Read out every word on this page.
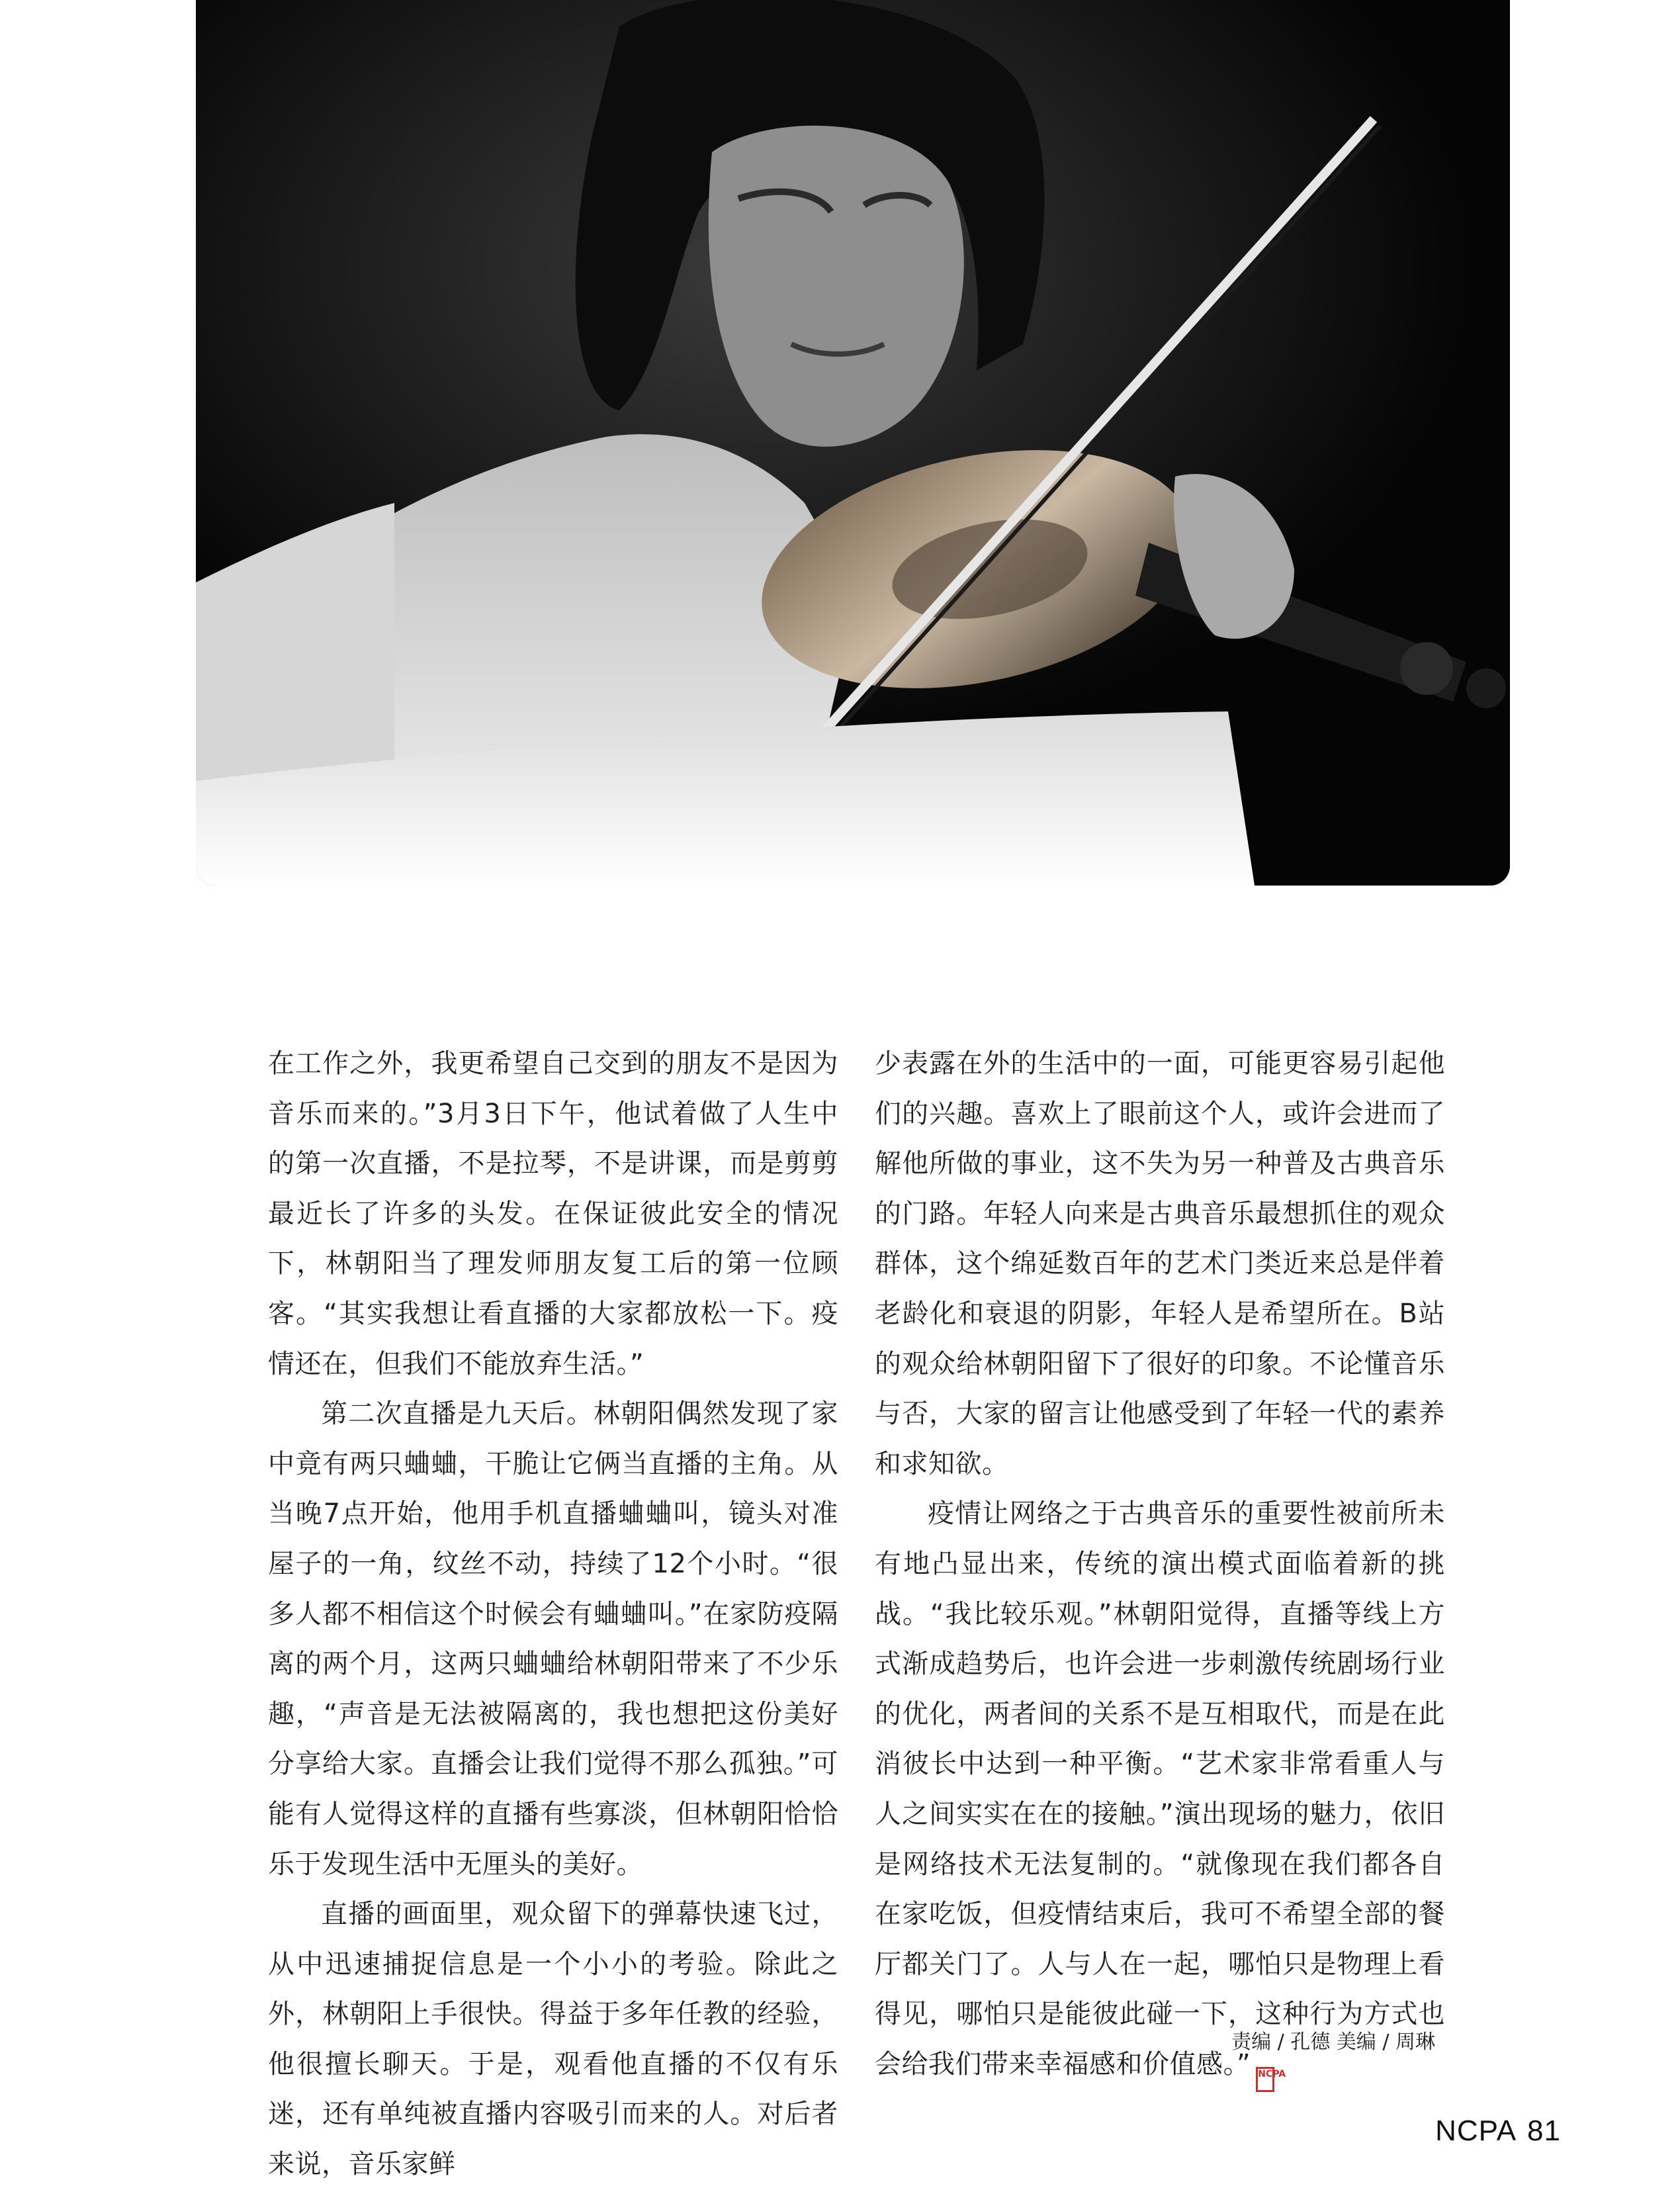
在工作之外，我更希望自己交到的朋友不是因为音乐而来的。”3月3日下午，他试着做了人生中的第一次直播，不是拉琴，不是讲课，而是剪剪最近长了许多的头发。在保证彼此安全的情况下，林朝阳当了理发师朋友复工后的第一位顾客。“其实我想让看直播的大家都放松一下。疫情还在，但我们不能放弃生活。”

第二次直播是九天后。林朝阳偶然发现了家中竟有两只蛐蛐，干脆让它俩当直播的主角。从当晚7点开始，他用手机直播蛐蛐叫，镜头对准屋子的一角，纹丝不动，持续了12个小时。“很多人都不相信这个时候会有蛐蛐叫。”在家防疫隔离的两个月，这两只蛐蛐给林朝阳带来了不少乐趣，“声音是无法被隔离的，我也想把这份美好分享给大家。直播会让我们觉得不那么孤独。”可能有人觉得这样的直播有些寡淡，但林朝阳恰恰乐于发现生活中无厘头的美好。

直播的画面里，观众留下的弹幕快速飞过，从中迅速捕捉信息是一个小小的考验。除此之外，林朝阳上手很快。得益于多年任教的经验，他很擅长聊天。于是，观看他直播的不仅有乐迷，还有单纯被直播内容吸引而来的人。对后者来说，音乐家鲜

少表露在外的生活中的一面，可能更容易引起他们的兴趣。喜欢上了眼前这个人，或许会进而了解他所做的事业，这不失为另一种普及古典音乐的门路。年轻人向来是古典音乐最想抓住的观众群体，这个绵延数百年的艺术门类近来总是伴着老龄化和衰退的阴影，年轻人是希望所在。B站的观众给林朝阳留下了很好的印象。不论懂音乐与否，大家的留言让他感受到了年轻一代的素养和求知欲。

疫情让网络之于古典音乐的重要性被前所未有地凸显出来，传统的演出模式面临着新的挑战。“我比较乐观。”林朝阳觉得，直播等线上方式渐成趋势后，也许会进一步刺激传统剧场行业的优化，两者间的关系不是互相取代，而是在此消彼长中达到一种平衡。“艺术家非常看重人与人之间实实在在的接触。”演出现场的魅力，依旧是网络技术无法复制的。“就像现在我们都各自在家吃饭，但疫情结束后，我可不希望全部的餐厅都关门了。人与人在一起，哪怕只是物理上看得见，哪怕只是能彼此碰一下，这种行为方式也会给我们带来幸福感和价值感。” NCPA

责编 / 孔德 美编 / 周琳
NCPA 81
